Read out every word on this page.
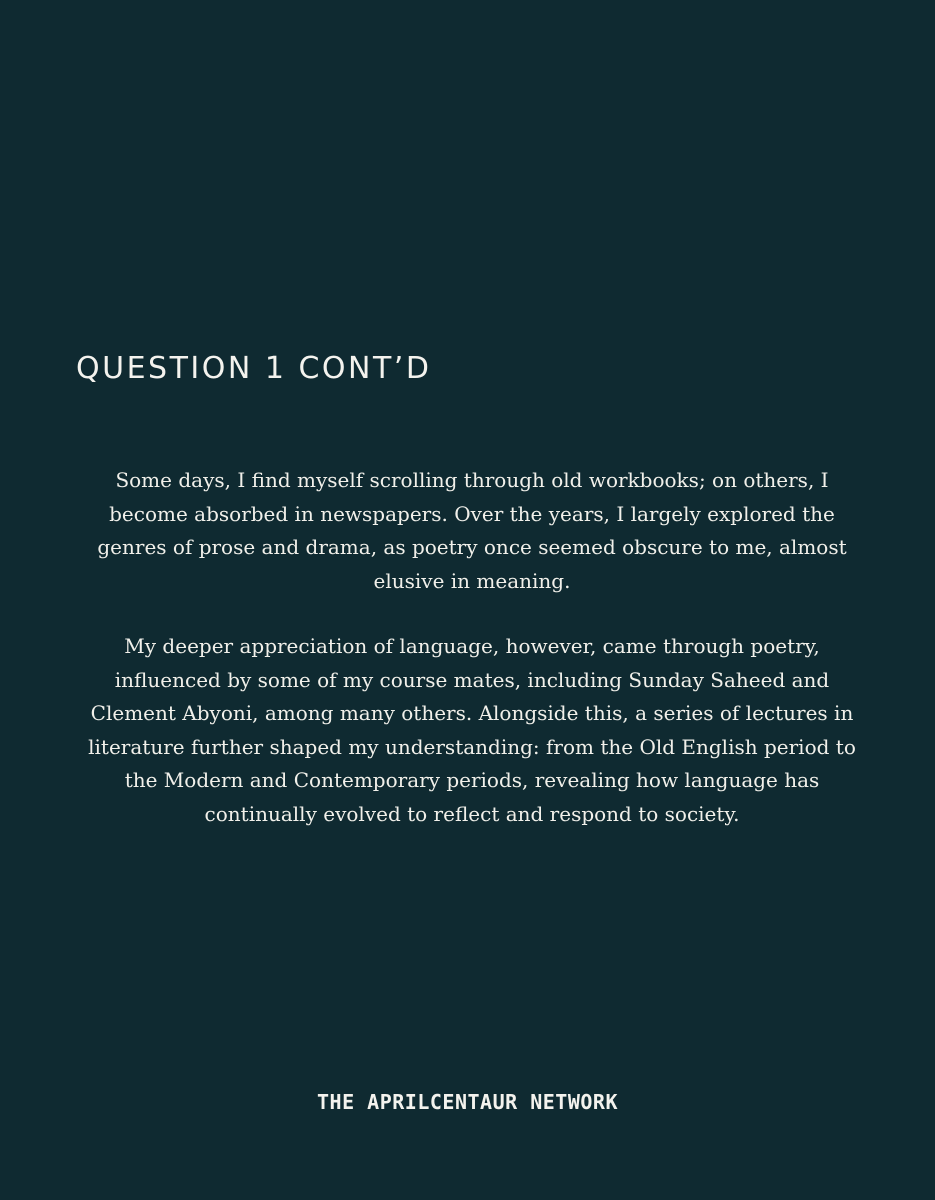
QUESTION 1 CONT’D

Some days, I find myself scrolling through old workbooks; on others, I become absorbed in newspapers. Over the years, I largely explored the genres of prose and drama, as poetry once seemed obscure to me, almost elusive in meaning.

My deeper appreciation of language, however, came through poetry, influenced by some of my course mates, including Sunday Saheed and Clement Abyoni, among many others. Alongside this, a series of lectures in literature further shaped my understanding: from the Old English period to the Modern and Contemporary periods, revealing how language has continually evolved to reflect and respond to society.

THE APRILCENTAUR NETWORK
